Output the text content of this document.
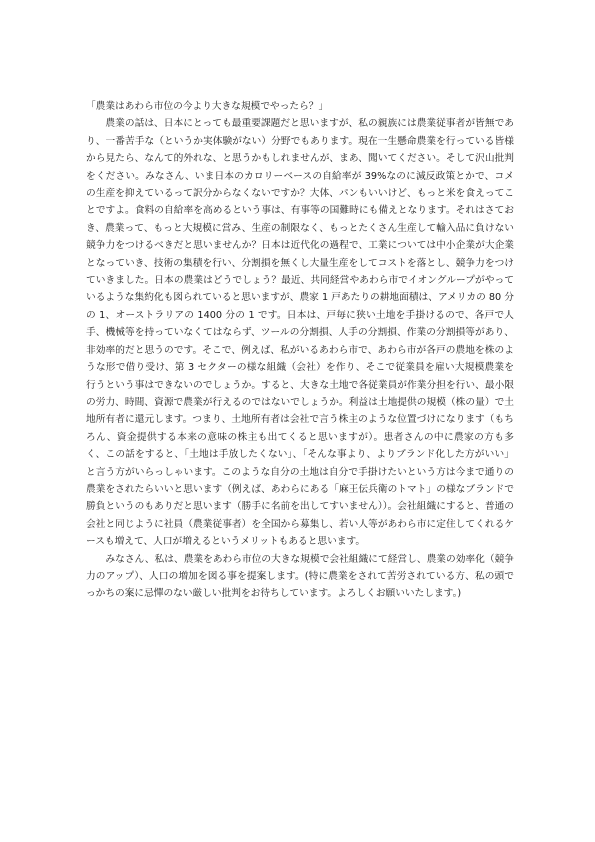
「農業はあわら市位の今より大きな規模でやったら？」

農業の話は、日本にとっても最重要課題だと思いますが、私の親族には農業従事者が皆無であり、一番苦手な（というか実体験がない）分野でもあります。現在一生懸命農業を行っている皆様から見たら、なんて的外れな、と思うかもしれませんが、まあ、聞いてください。そして沢山批判をください。みなさん、いま日本のカロリーベースの自給率が 39%なのに減反政策とかで、コメの生産を抑えているって訳分からなくないですか？大体、パンもいいけど、もっと米を食えってことですよ。食料の自給率を高めるという事は、有事等の国難時にも備えとなります。それはさておき、農業って、もっと大規模に営み、生産の制限なく、もっとたくさん生産して輸入品に負けない競争力をつけるべきだと思いませんか？日本は近代化の過程で、工業については中小企業が大企業となっていき、技術の集積を行い、分割損を無くし大量生産をしてコストを落とし、競争力をつけていきました。日本の農業はどうでしょう？最近、共同経営やあわら市でイオングループがやっているような集約化も図られていると思いますが、農家 1 戸あたりの耕地面積は、アメリカの 80 分の 1、オーストラリアの 1400 分の 1 です。日本は、戸毎に狭い土地を手掛けるので、各戸で人手、機械等を持っていなくてはならず、ツールの分割損、人手の分割損、作業の分割損等があり、非効率的だと思うのです。そこで、例えば、私がいるあわら市で、あわら市が各戸の農地を株のような形で借り受け、第 3 セクターの様な組織（会社）を作り、そこで従業員を雇い大規模農業を行うという事はできないのでしょうか。すると、大きな土地で各従業員が作業分担を行い、最小限の労力、時間、資源で農業が行えるのではないでしょうか。利益は土地提供の規模（株の量）で土地所有者に還元します。つまり、土地所有者は会社で言う株主のような位置づけになります（もちろん、資金提供する本来の意味の株主も出てくると思いますが）。患者さんの中に農家の方も多く、この話をすると、「土地は手放したくない」、「そんな事より、よりブランド化した方がいい」と言う方がいらっしゃいます。このような自分の土地は自分で手掛けたいという方は今まで通りの農業をされたらいいと思います（例えば、あわらにある「麻王伝兵衛のトマト」の様なブランドで勝負というのもありだと思います（勝手に名前を出してすいません））。会社組織にすると、普通の会社と同じように社員（農業従事者）を全国から募集し、若い人等があわら市に定住してくれるケースも増えて、人口が増えるというメリットもあると思います。

みなさん、私は、農業をあわら市位の大きな規模で会社組織にて経営し、農業の効率化（競争力のアップ）、人口の増加を図る事を提案します。(特に農業をされて苦労されている方、私の頭でっかちの案に忌憚のない厳しい批判をお待ちしています。よろしくお願いいたします。)
